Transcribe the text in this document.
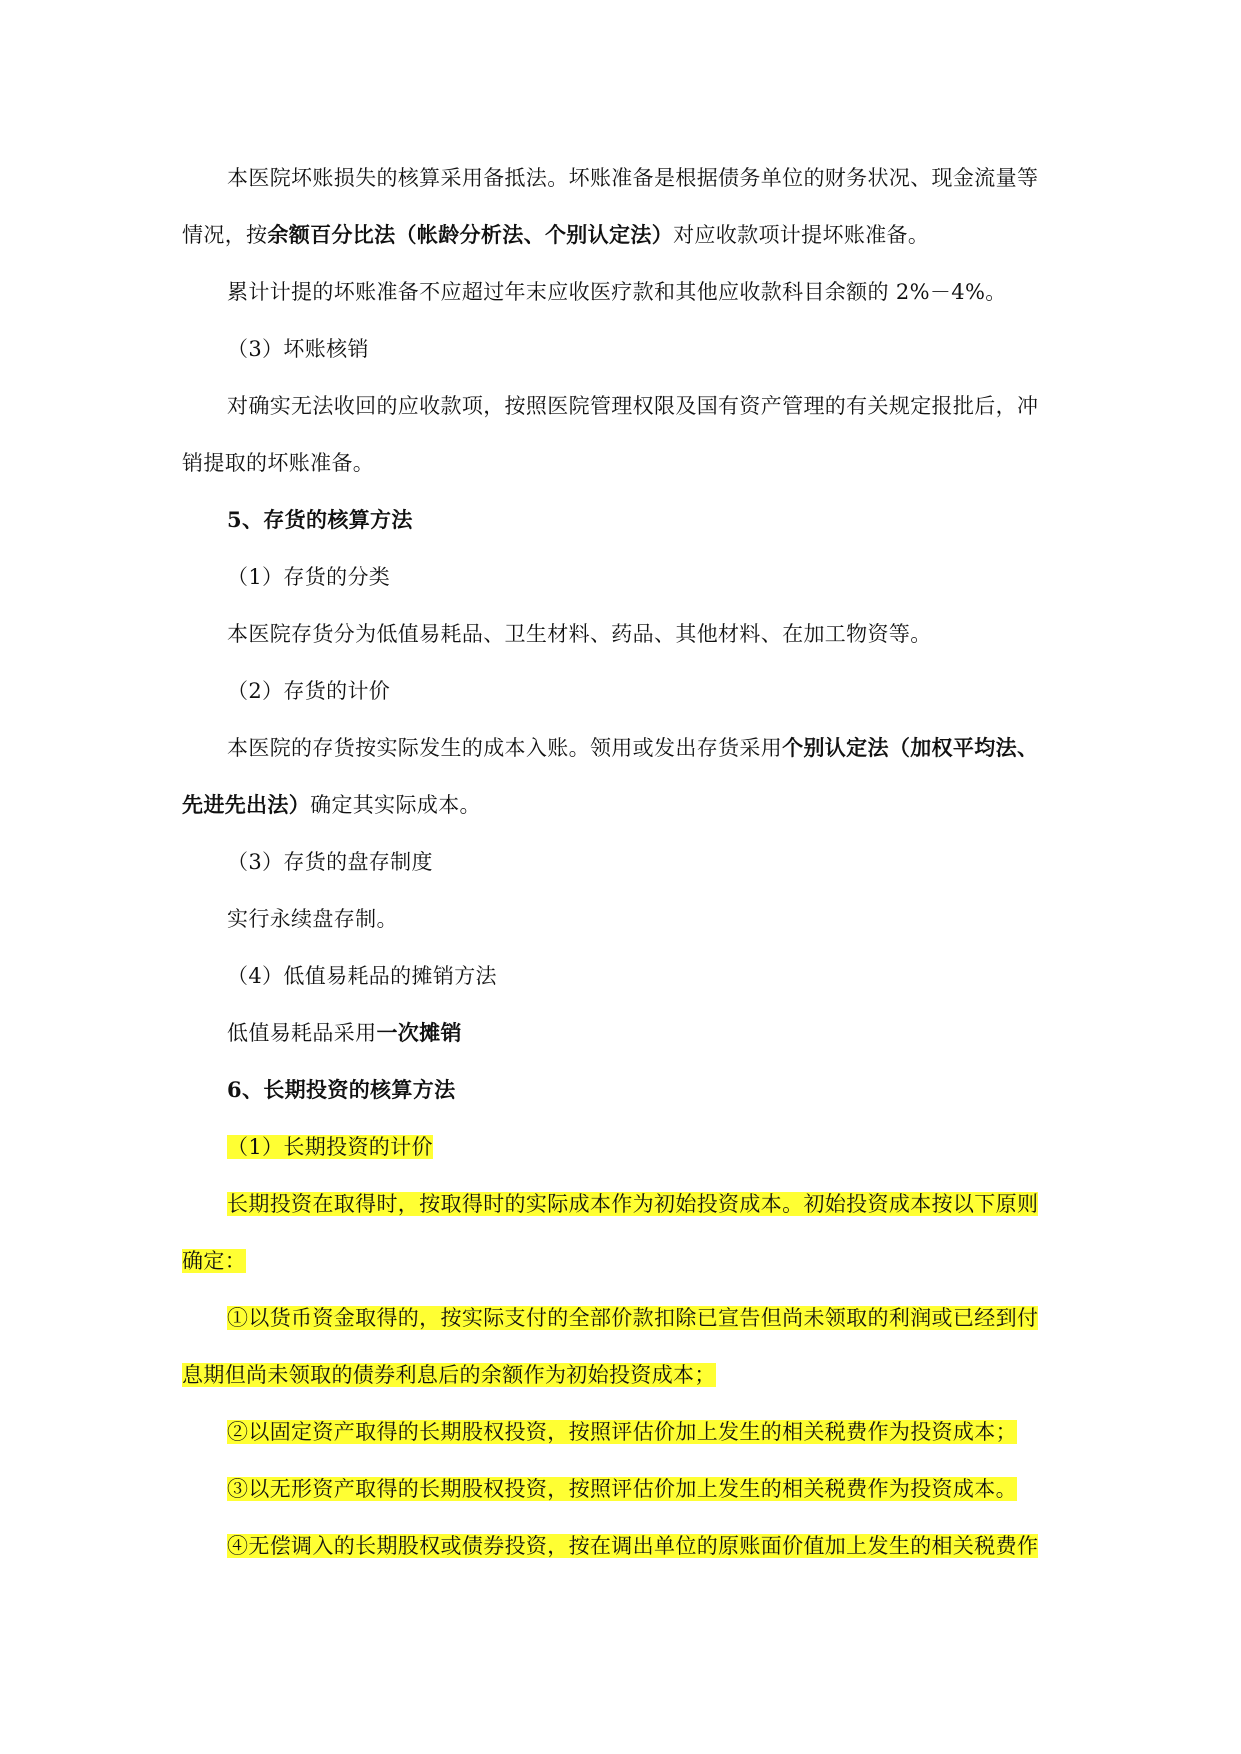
本医院坏账损失的核算采用备抵法。坏账准备是根据债务单位的财务状况、现金流量等
情况，按余额百分比法（帐龄分析法、个别认定法）对应收款项计提坏账准备。
累计计提的坏账准备不应超过年末应收医疗款和其他应收款科目余额的 2%－4%。
（3）坏账核销
对确实无法收回的应收款项，按照医院管理权限及国有资产管理的有关规定报批后，冲
销提取的坏账准备。
5、存货的核算方法
（1）存货的分类
本医院存货分为低值易耗品、卫生材料、药品、其他材料、在加工物资等。
（2）存货的计价
本医院的存货按实际发生的成本入账。领用或发出存货采用个别认定法（加权平均法、
先进先出法）确定其实际成本。
（3）存货的盘存制度
实行永续盘存制。
（4）低值易耗品的摊销方法
低值易耗品采用一次摊销
6、长期投资的核算方法
（1）长期投资的计价
长期投资在取得时，按取得时的实际成本作为初始投资成本。初始投资成本按以下原则
确定：
①以货币资金取得的，按实际支付的全部价款扣除已宣告但尚未领取的利润或已经到付
息期但尚未领取的债券利息后的余额作为初始投资成本；
②以固定资产取得的长期股权投资，按照评估价加上发生的相关税费作为投资成本；
③以无形资产取得的长期股权投资，按照评估价加上发生的相关税费作为投资成本。
④无偿调入的长期股权或债券投资，按在调出单位的原账面价值加上发生的相关税费作
